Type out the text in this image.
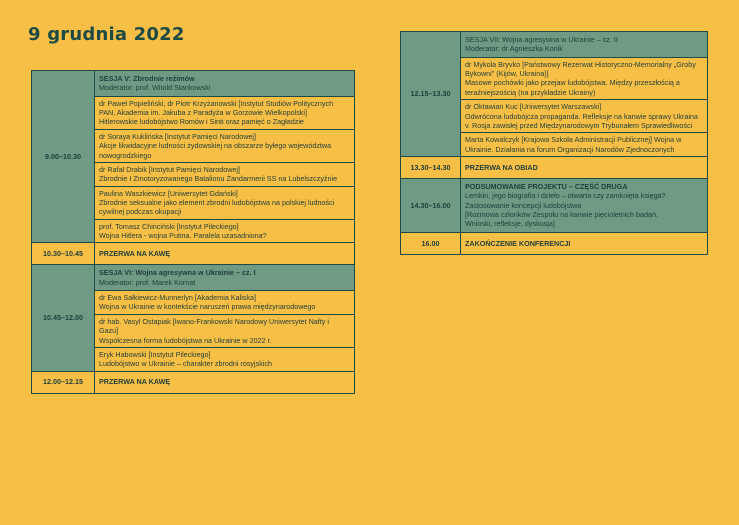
9 grudnia 2022
9.00–10.30	SESJA V: Zbrodnie reżimów
Moderator: prof. Witold Stankowski

	dr Paweł Popieliński, dr Piotr Krzyżanowski [Instytut Studiów Politycznych PAN, Akademia im. Jakuba z Paradyża w Gorzowie Wielkopolski]
Hitlerowskie ludobójstwo Romów i Sinti oraz pamięć o Zagładzie

	dr Soraya Kuklińska [Instytut Pamięci Narodowej]
Akcje likwidacyjne ludności żydowskiej na obszarze byłego województwa nowogrodzkiego

	dr Rafał Drabik [Instytut Pamięci Narodowej]
Zbrodnie I Zmotoryzowanego Batalionu Żandarmerii SS na Lubelszczyźnie

	Paulina Waszkiewicz [Uniwersytet Gdański]
Zbrodnie seksualne jako element zbrodni ludobójstwa na polskiej ludności cywilnej podczas okupacji

	prof. Tomasz Chinciński [Instytut Pileckiego]
Wojna Hitlera - wojna Putina. Paralela uzasadniona?

10.30–10.45	PRZERWA NA KAWĘ
10.45–12.00	SESJA VI: Wojna agresywna w Ukrainie – cz. I
Moderator: prof. Marek Kornat

	dr Ewa Sałkiewicz-Munnerlyn [Akademia Kaliska]
Wojna w Ukrainie w kontekście naruszeń prawa międzynarodowego

	dr hab. Vasyl Ostapiak [Iwano-Frankowski Narodowy Uniwersytet Nafty i Gazu]
Współczesna forma ludobójstwa na Ukrainie w 2022 r.

	Eryk Habowski [Instytut Pileckiego]
Ludobójstwo w Ukrainie – charakter zbrodni rosyjskich

12.00–12.15	PRZERWA NA KAWĘ
12.15–13.30	SESJA VII: Wojna agresywna w Ukrainie – cz. II
Moderator: dr Agnieszka Konik

	dr Mykola Bryvko [Państwowy Rezerwat Historyczno-Memorialny „Groby Bykowni" (Kijów, Ukraina)]
Masowe pochówki jako przejaw ludobójstwa. Między przeszłością a teraźniejszością (na przykładzie Ukrainy)

	dr Oktawian Kuc [Uniwersytet Warszawski]
Odwrócona ludobójcza propaganda. Refleksje na kanwie sprawy Ukraina v. Rosja zawisłej przed Międzynarodowym Trybunałem Sprawiedliwości

	Marta Kowalczyk [Krajowa Szkoła Administracji Publicznej] Wojna w Ukrainie. Działania na forum Organizacji Narodów Zjednoczonych

13.30–14.30	PRZERWA NA OBIAD
14.30–16.00	PODSUMOWANIE PROJEKTU – CZĘŚĆ DRUGA
Lemkin, jego biografia i dzieło – otwarta czy zamknięta księga?
Zastosowanie koncepcji ludobójstwa
[Rozmowa członków Zespołu na kanwie pięcioletnich badań.
Wnioski, refleksje, dyskusja]

16.00	ZAKOŃCZENIE KONFERENCJI
